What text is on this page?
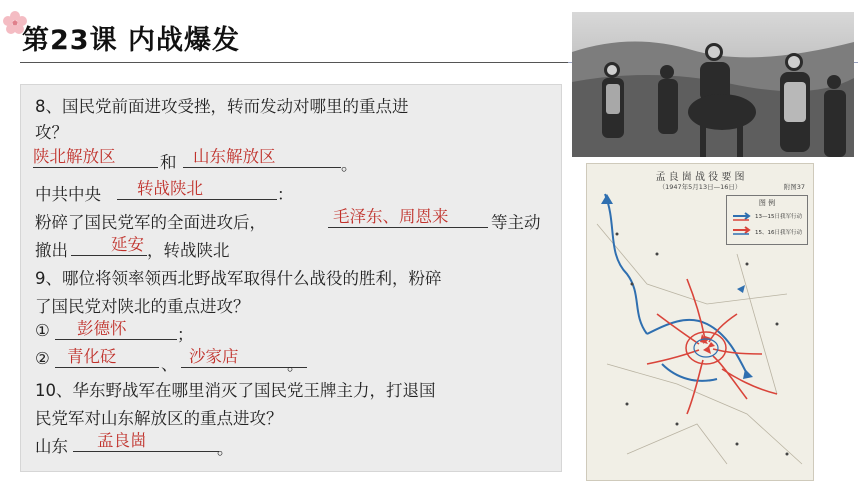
第23课 内战爆发
8、国民党前面进攻受挫，转而发动对哪里的重点进
攻？
陕北解放区	和 山东解放区	。
中共中央 转战陕北	：
粉碎了国民党军的全面进攻后，	毛泽东、周恩来	等主动
撤出	延安 ，转战陕北
9、哪位将领率领西北野战军取得什么战役的胜利，粉碎
了国民党对陕北的重点进攻？
① 彭德怀	；
② 青化砭	、 沙家店	。
10、华东野战军在哪里消灭了国民党王牌主力，打退国
民党军对山东解放区的重点进攻？
山东 孟良崮	。
孟 良 崮 战 役 要 图
（1947年5月13日—16日）	附图37
图 例
13—15日我军行动
15、16日我军行动
